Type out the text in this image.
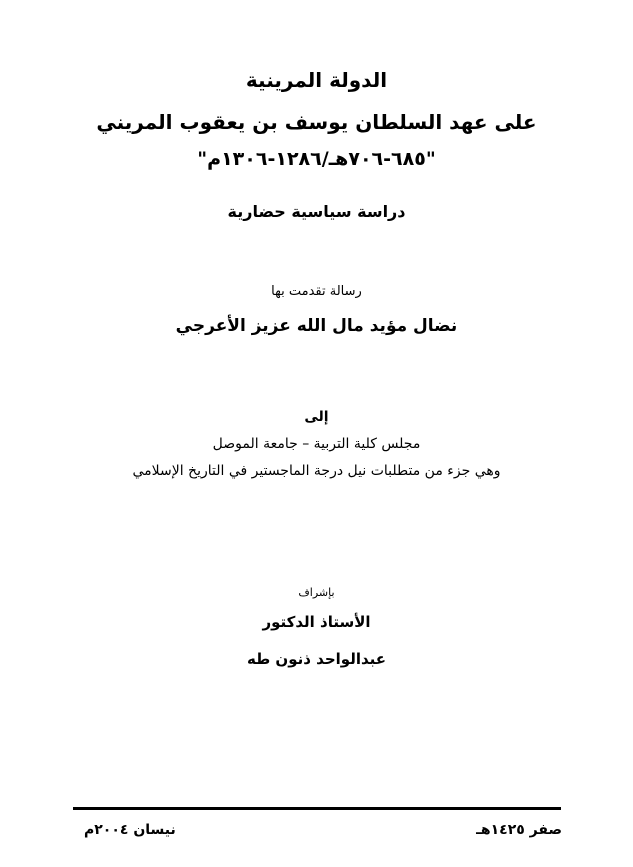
الدولة المرينية
على عهد السلطان يوسف بن يعقوب المريني
"٦٨٥-٧٠٦هـ/١٢٨٦-١٣٠٦م"
دراسة سياسية حضارية
رسالة تقدمت بها
نضال مؤيد مال الله عزيز الأعرجي
إلى
مجلس كلية التربية – جامعة الموصل
وهي جزء من متطلبات نيل درجة الماجستير في التاريخ الإسلامي
بإشراف
الأستاذ الدكتور
عبدالواحد ذنون طه
نيسان ٢٠٠٤م	صفر ١٤٢٥هـ
